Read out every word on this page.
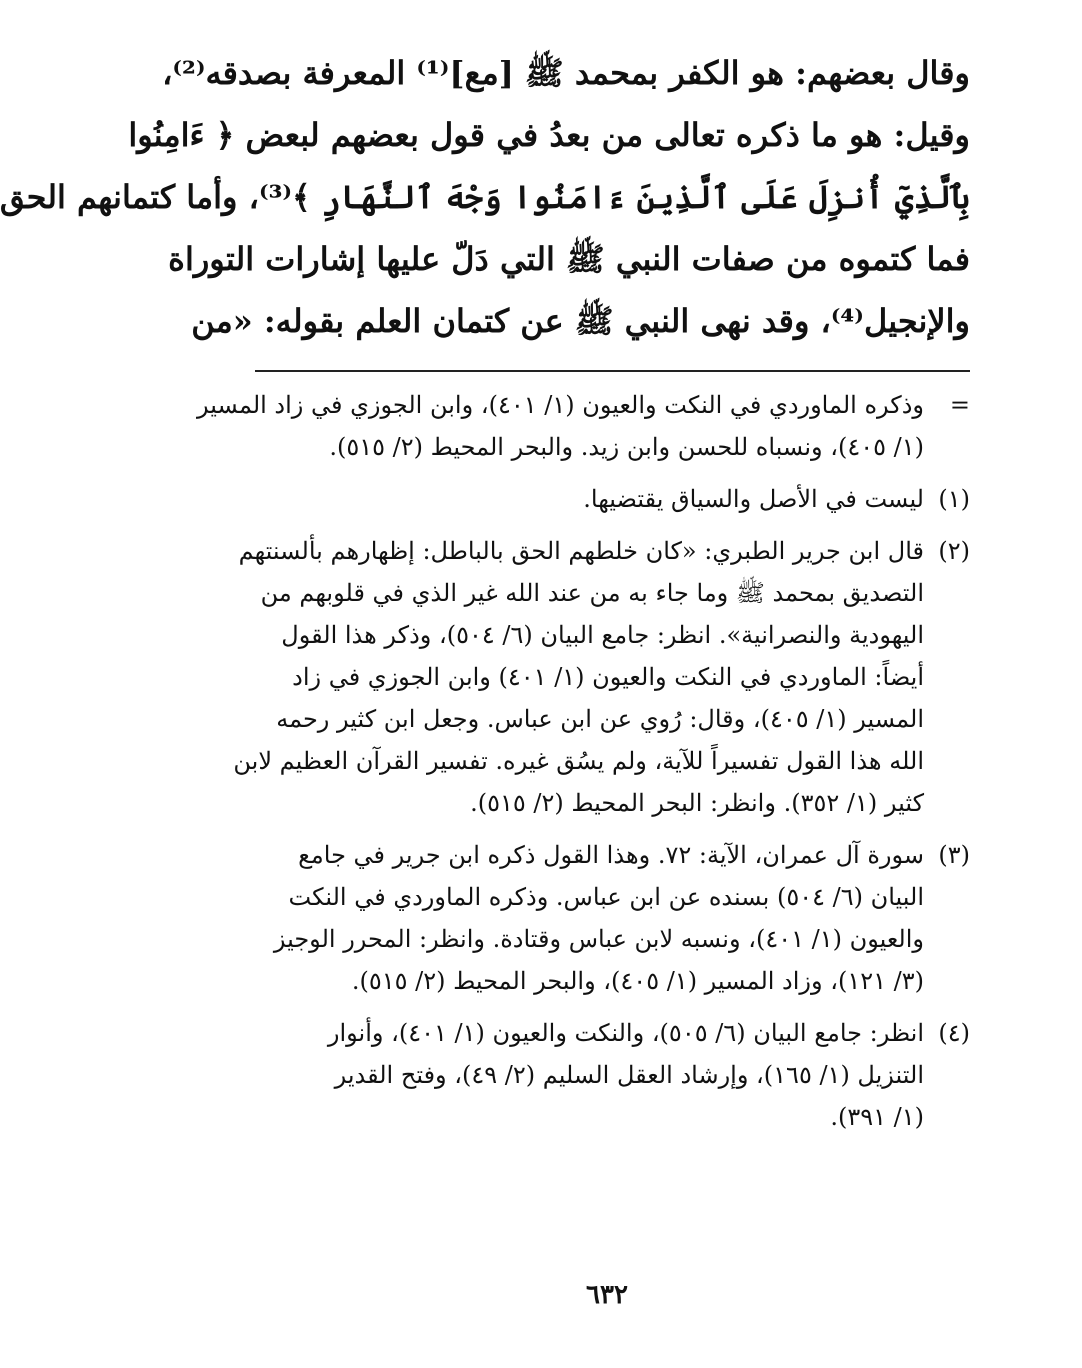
وقال بعضهم: هو الكفر بمحمد ﷺ [مع]⁽¹⁾ المعرفة بصدقه⁽²⁾،
وقيل: هو ما ذكره تعالى من بعدُ في قول بعضهم لبعض ﴿ ءَامِنُوا
بِٱلَّذِيٓ أُنزِلَ عَلَى ٱلَّذِينَ ءَامَنُوا وَجْهَ ٱلنَّهَارِ ﴾⁽³⁾، وأما كتمانهم الحق
فما كتموه من صفات النبي ﷺ التي دَلّ عليها إشارات التوراة
والإنجيل⁽⁴⁾، وقد نهى النبي ﷺ عن كتمان العلم بقوله: «من
=
وذكره الماوردي في النكت والعيون (١/ ٤٠١)، وابن الجوزي في زاد المسير
(١/ ٤٠٥)، ونسباه للحسن وابن زيد. والبحر المحيط (٢/ ٥١٥).
(١)
ليست في الأصل والسياق يقتضيها.
(٢)
قال ابن جرير الطبري: «كان خلطهم الحق بالباطل: إظهارهم بألسنتهم
التصديق بمحمد ﷺ وما جاء به من عند الله غير الذي في قلوبهم من
اليهودية والنصرانية». انظر: جامع البيان (٦/ ٥٠٤)، وذكر هذا القول
أيضاً: الماوردي في النكت والعيون (١/ ٤٠١) وابن الجوزي في زاد
المسير (١/ ٤٠٥)، وقال: رُوي عن ابن عباس. وجعل ابن كثير رحمه
الله هذا القول تفسيراً للآية، ولم يسُق غيره. تفسير القرآن العظيم لابن
كثير (١/ ٣٥٢). وانظر: البحر المحيط (٢/ ٥١٥).
(٣)
سورة آل عمران، الآية: ٧٢. وهذا القول ذكره ابن جرير في جامع
البيان (٦/ ٥٠٤) بسنده عن ابن عباس. وذكره الماوردي في النكت
والعيون (١/ ٤٠١)، ونسبه لابن عباس وقتادة. وانظر: المحرر الوجيز
(٣/ ١٢١)، وزاد المسير (١/ ٤٠٥)، والبحر المحيط (٢/ ٥١٥).
(٤)
انظر: جامع البيان (٦/ ٥٠٥)، والنكت والعيون (١/ ٤٠١)، وأنوار
التنزيل (١/ ١٦٥)، وإرشاد العقل السليم (٢/ ٤٩)، وفتح القدير
(١/ ٣٩١).
٦٣٢
